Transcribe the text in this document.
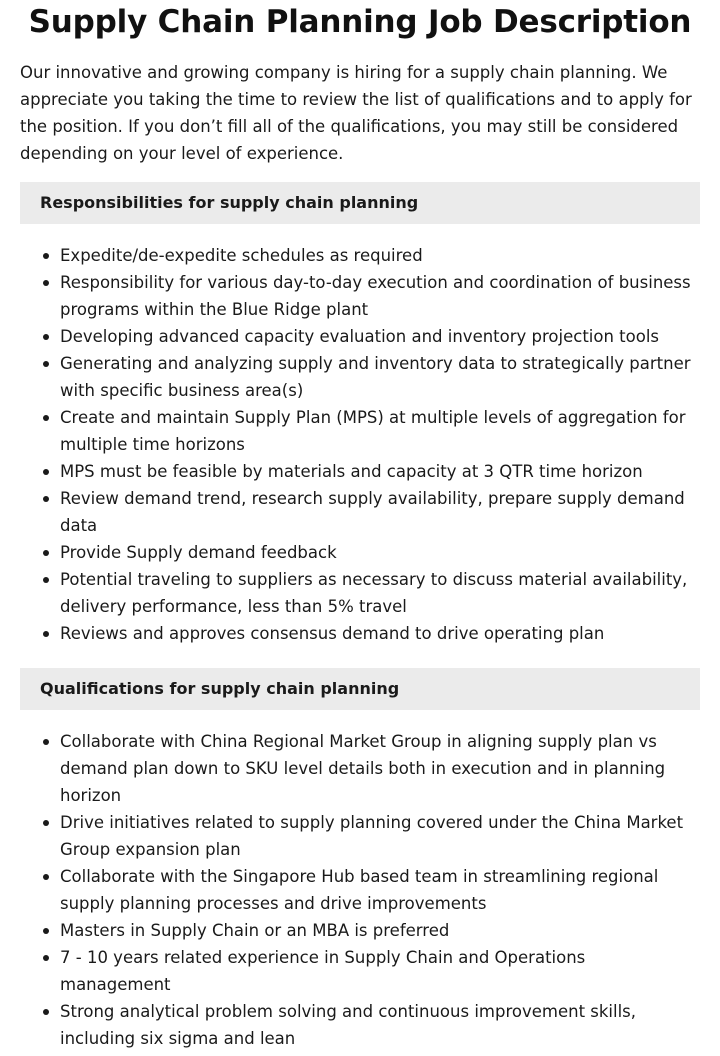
Supply Chain Planning Job Description

Our innovative and growing company is hiring for a supply chain planning. We appreciate you taking the time to review the list of qualifications and to apply for the position. If you don’t fill all of the qualifications, you may still be considered depending on your level of experience.

Responsibilities for supply chain planning
Expedite/de-expedite schedules as required
Responsibility for various day-to-day execution and coordination of business programs within the Blue Ridge plant
Developing advanced capacity evaluation and inventory projection tools
Generating and analyzing supply and inventory data to strategically partner with specific business area(s)
Create and maintain Supply Plan (MPS) at multiple levels of aggregation for multiple time horizons
MPS must be feasible by materials and capacity at 3 QTR time horizon
Review demand trend, research supply availability, prepare supply demand data
Provide Supply demand feedback
Potential traveling to suppliers as necessary to discuss material availability, delivery performance, less than 5% travel
Reviews and approves consensus demand to drive operating plan
Qualifications for supply chain planning
Collaborate with China Regional Market Group in aligning supply plan vs demand plan down to SKU level details both in execution and in planning horizon
Drive initiatives related to supply planning covered under the China Market Group expansion plan
Collaborate with the Singapore Hub based team in streamlining regional supply planning processes and drive improvements
Masters in Supply Chain or an MBA is preferred
7 - 10 years related experience in Supply Chain and Operations management
Strong analytical problem solving and continuous improvement skills, including six sigma and lean
